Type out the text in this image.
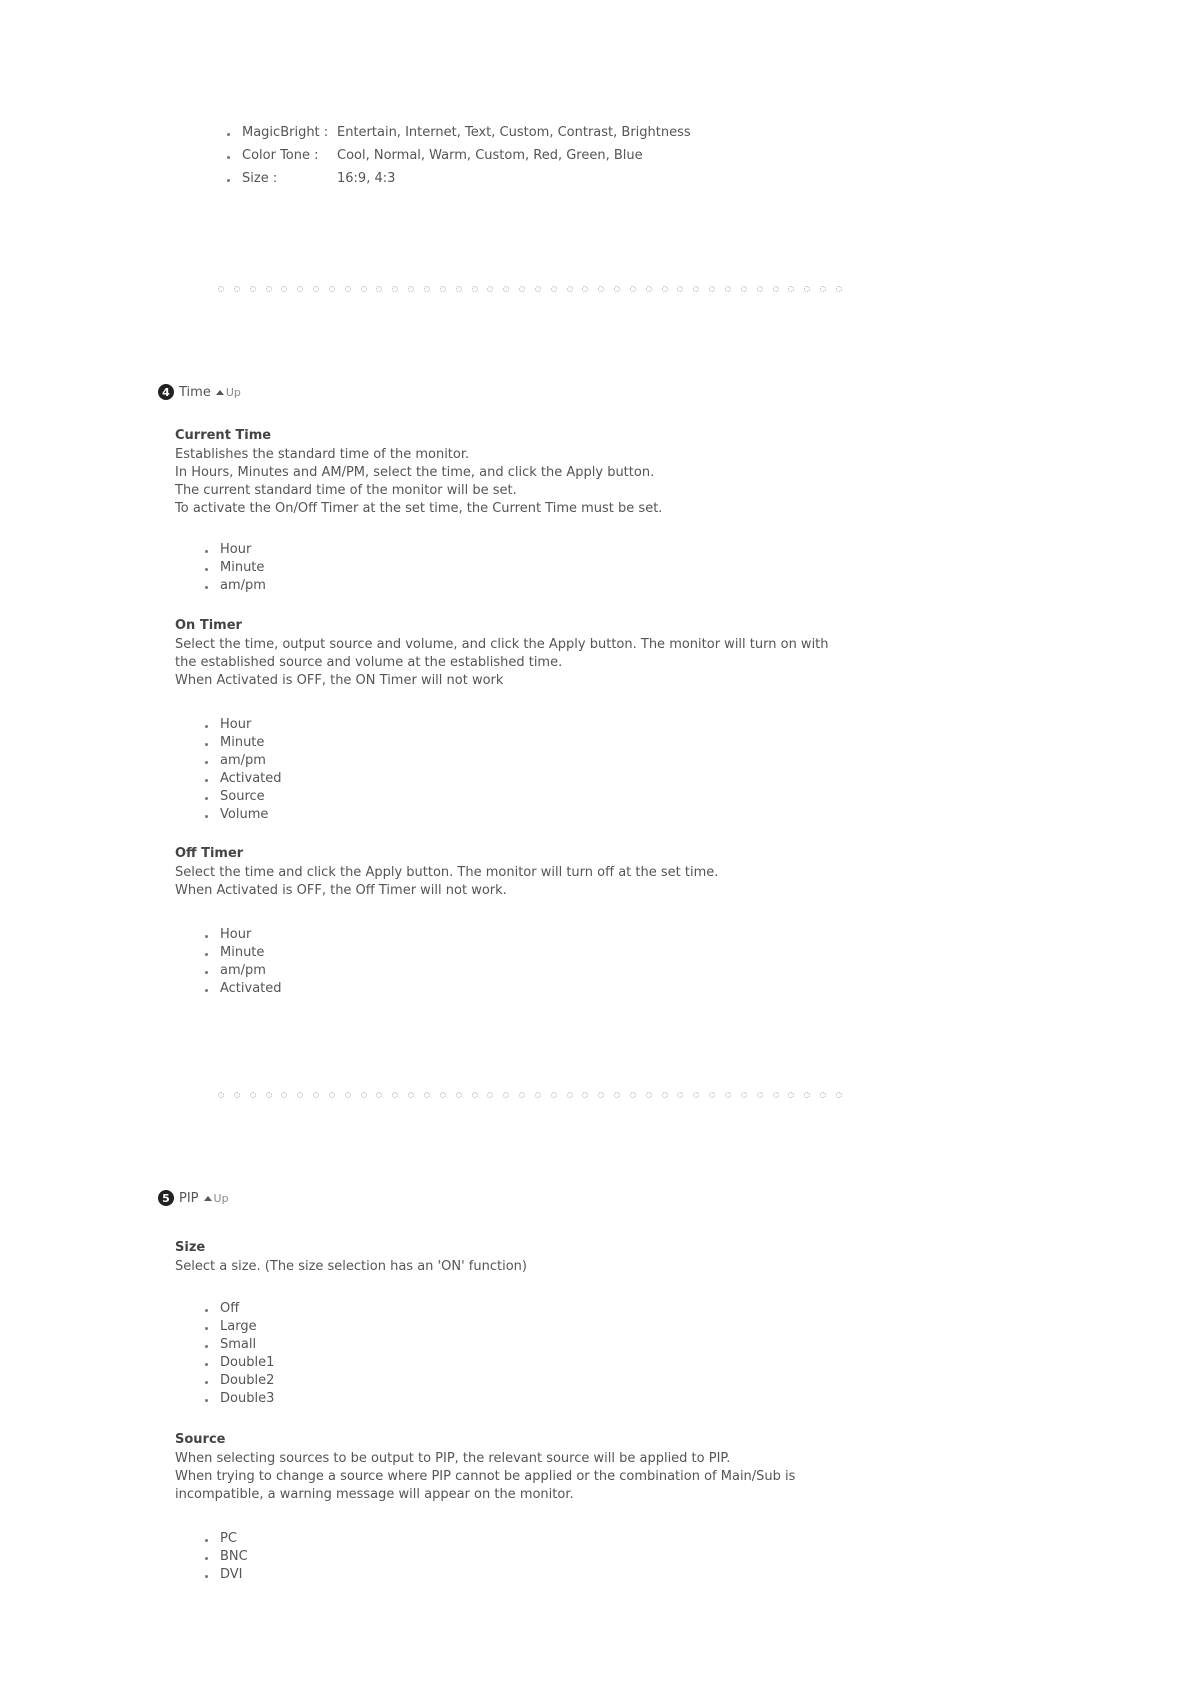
MagicBright : Entertain, Internet, Text, Custom, Contrast, Brightness
Color Tone : Cool, Normal, Warm, Custom, Red, Green, Blue
Size :	16:9, 4:3
4 Time Up
Current Time
Establishes the standard time of the monitor.
In Hours, Minutes and AM/PM, select the time, and click the Apply button.
The current standard time of the monitor will be set.
To activate the On/Off Timer at the set time, the Current Time must be set.
Hour
Minute
am/pm
On Timer
Select the time, output source and volume, and click the Apply button. The monitor will turn on with
the established source and volume at the established time.
When Activated is OFF, the ON Timer will not work
Hour
Minute
am/pm
Activated
Source
Volume
Off Timer
Select the time and click the Apply button. The monitor will turn off at the set time.
When Activated is OFF, the Off Timer will not work.
Hour
Minute
am/pm
Activated
5 PIP Up
Size
Select a size. (The size selection has an 'ON' function)
Off
Large
Small
Double1
Double2
Double3
Source
When selecting sources to be output to PIP, the relevant source will be applied to PIP.
When trying to change a source where PIP cannot be applied or the combination of Main/Sub is
incompatible, a warning message will appear on the monitor.
PC
BNC
DVI
